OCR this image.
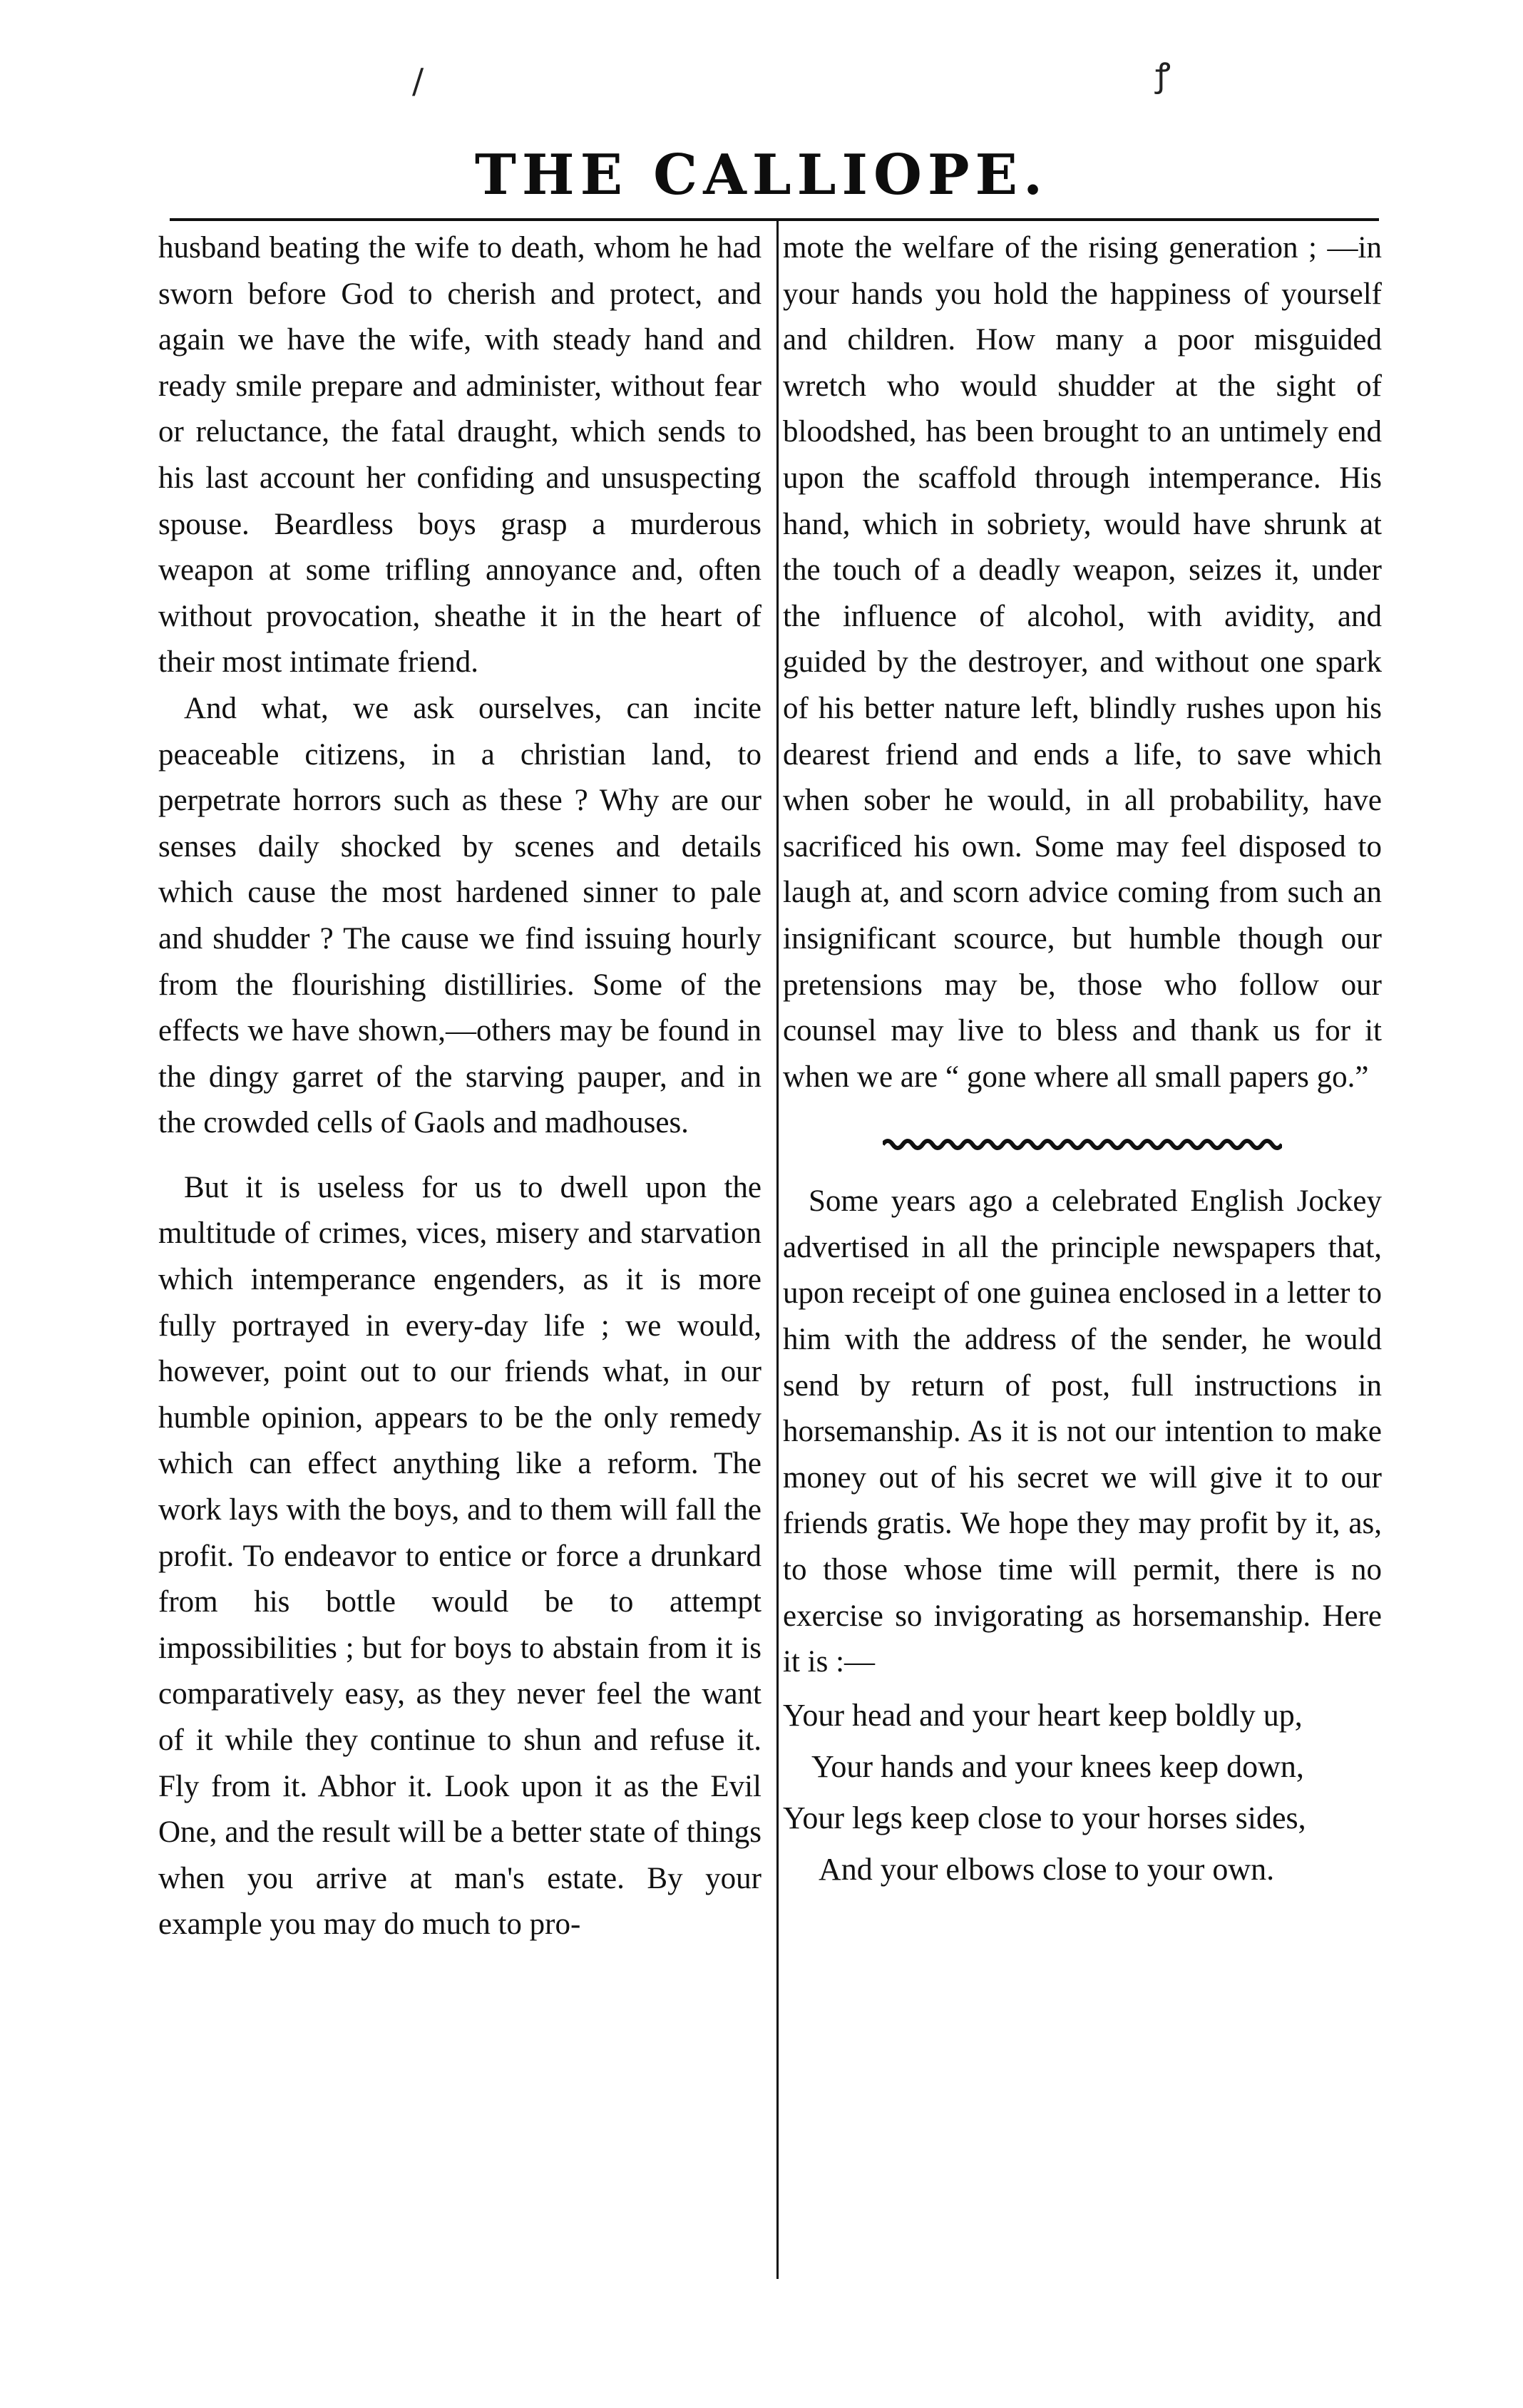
/	ꝭ
THE CALLIOPE.

husband beating the wife to death, whom he had sworn before God to cherish and protect, and again we have the wife, with steady hand and ready smile prepare and administer, without fear or reluctance, the fatal draught, which sends to his last account her confiding and unsuspecting spouse. Beardless boys grasp a murderous weapon at some trifling annoyance and, often without provocation, sheathe it in the heart of their most intimate friend.

And what, we ask ourselves, can incite peaceable citizens, in a christian land, to perpetrate horrors such as these ? Why are our senses daily shocked by scenes and details which cause the most hardened sinner to pale and shudder ? The cause we find issuing hourly from the flourishing distilliries. Some of the effects we have shown,—others may be found in the dingy garret of the starving pauper, and in the crowded cells of Gaols and madhouses.

But it is useless for us to dwell upon the multitude of crimes, vices, misery and starvation which intemperance engenders, as it is more fully portrayed in every-day life ; we would, however, point out to our friends what, in our humble opinion, appears to be the only remedy which can effect anything like a reform. The work lays with the boys, and to them will fall the profit. To endeavor to entice or force a drunkard from his bottle would be to attempt impossibilities ; but for boys to abstain from it is comparatively easy, as they never feel the want of it while they continue to shun and refuse it. Fly from it. Abhor it. Look upon it as the Evil One, and the result will be a better state of things when you arrive at man's estate. By your example you may do much to pro-

mote the welfare of the rising generation ; —in your hands you hold the happiness of yourself and children. How many a poor misguided wretch who would shudder at the sight of bloodshed, has been brought to an untimely end upon the scaffold through intemperance. His hand, which in sobriety, would have shrunk at the touch of a deadly weapon, seizes it, under the influence of alcohol, with avidity, and guided by the destroyer, and without one spark of his better nature left, blindly rushes upon his dearest friend and ends a life, to save which when sober he would, in all probability, have sacrificed his own. Some may feel disposed to laugh at, and scorn advice coming from such an insignificant scource, but humble though our pretensions may be, those who follow our counsel may live to bless and thank us for it when we are “ gone where all small papers go.”

Some years ago a celebrated English Jockey advertised in all the principle newspapers that, upon receipt of one guinea enclosed in a letter to him with the address of the sender, he would send by return of post, full instructions in horsemanship. As it is not our intention to make money out of his secret we will give it to our friends gratis. We hope they may profit by it, as, to those whose time will permit, there is no exercise so invigorating as horsemanship. Here it is :—

Your head and your heart keep boldly up,
Your hands and your knees keep down,
Your legs keep close to your horses sides,
And your elbows close to your own.
